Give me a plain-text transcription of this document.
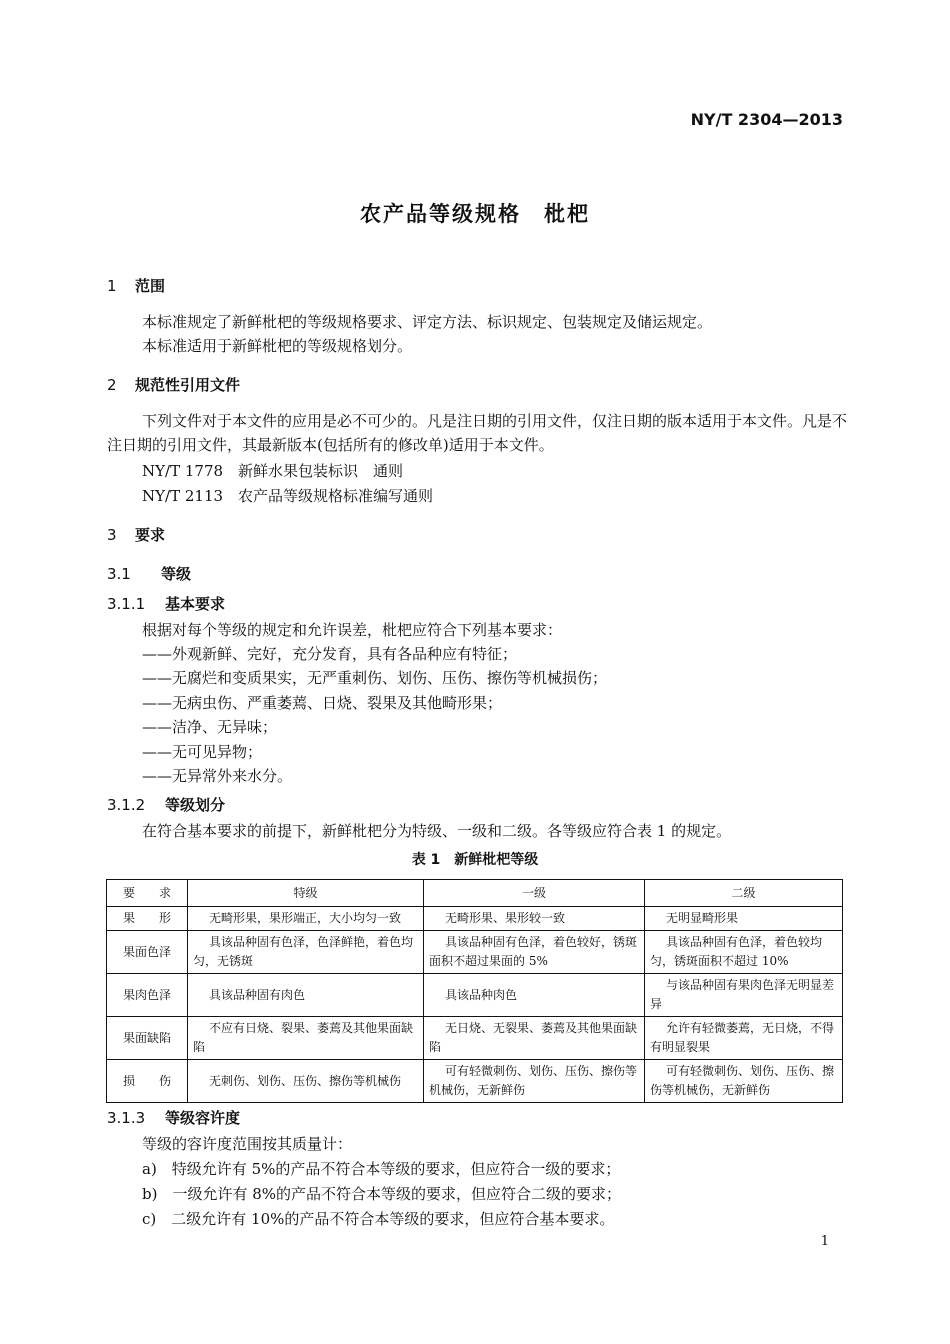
NY/T 2304—2013
农产品等级规格　枇杷
1 范围
本标准规定了新鲜枇杷的等级规格要求、评定方法、标识规定、包装规定及储运规定。
本标准适用于新鲜枇杷的等级规格划分。
2 规范性引用文件
下列文件对于本文件的应用是必不可少的。凡是注日期的引用文件，仅注日期的版本适用于本文件。凡是不注日期的引用文件，其最新版本(包括所有的修改单)适用于本文件。
NY/T 1778　新鲜水果包装标识　通则
NY/T 2113　农产品等级规格标准编写通则
3 要求
3.1 等级
3.1.1 基本要求
根据对每个等级的规定和允许误差，枇杷应符合下列基本要求：
——外观新鲜、完好，充分发育，具有各品种应有特征；
——无腐烂和变质果实，无严重刺伤、划伤、压伤、擦伤等机械损伤；
——无病虫伤、严重萎蔫、日烧、裂果及其他畸形果；
——洁净、无异味；
——无可见异物；
——无异常外来水分。
3.1.2 等级划分
在符合基本要求的前提下，新鲜枇杷分为特级、一级和二级。各等级应符合表 1 的规定。
表 1　新鲜枇杷等级
要　　求	特级	一级	二级
果　　形	无畸形果，果形端正，大小均匀一致	无畸形果、果形较一致	无明显畸形果
果面色泽	具该品种固有色泽，色泽鲜艳，着色均匀，无锈斑	具该品种固有色泽，着色较好，锈斑面积不超过果面的 5%	具该品种固有色泽，着色较均匀，锈斑面积不超过 10%
果肉色泽	具该品种固有肉色	具该品种肉色	与该品种固有果肉色泽无明显差异
果面缺陷	不应有日烧、裂果、萎蔫及其他果面缺陷	无日烧、无裂果、萎蔫及其他果面缺陷	允许有轻微萎蔫，无日烧，不得有明显裂果
损　　伤	无刺伤、划伤、压伤、擦伤等机械伤	可有轻微刺伤、划伤、压伤、擦伤等机械伤，无新鲜伤	可有轻微刺伤、划伤、压伤、擦伤等机械伤，无新鲜伤
3.1.3 等级容许度
等级的容许度范围按其质量计：
a)　特级允许有 5%的产品不符合本等级的要求，但应符合一级的要求；
b)　一级允许有 8%的产品不符合本等级的要求，但应符合二级的要求；
c)　二级允许有 10%的产品不符合本等级的要求，但应符合基本要求。
1
